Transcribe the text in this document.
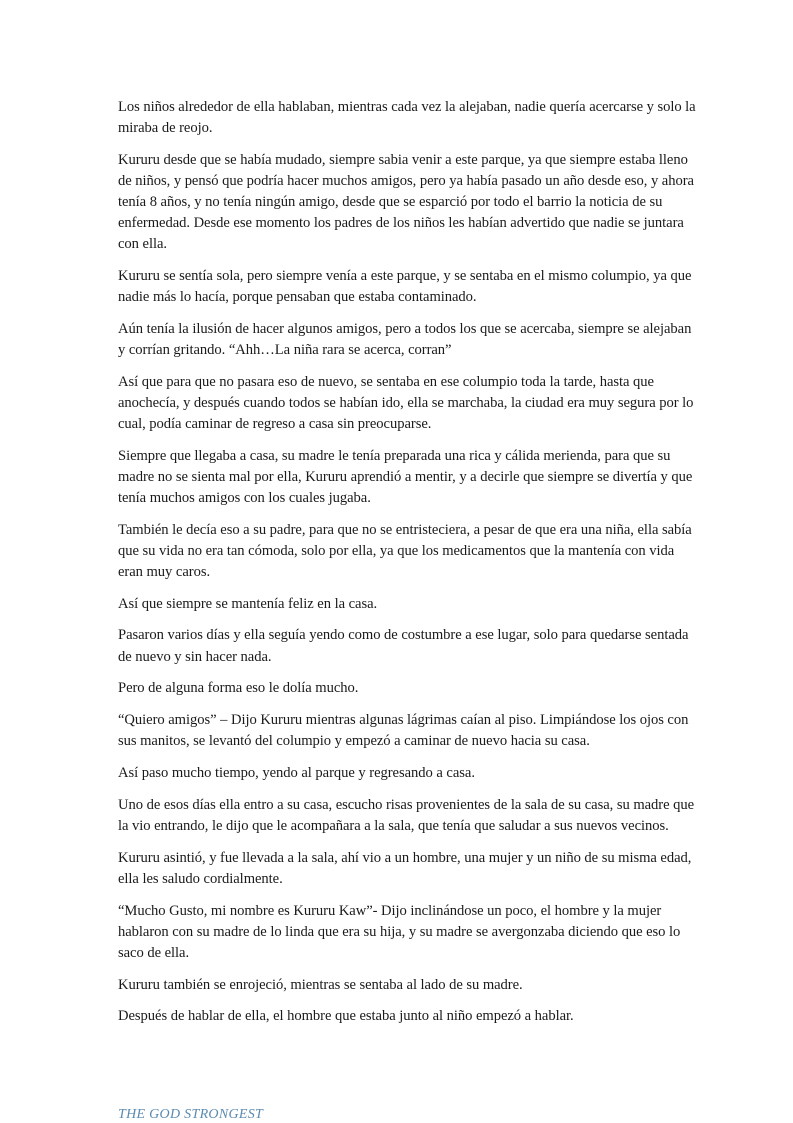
Los niños alrededor de ella hablaban, mientras cada vez la alejaban, nadie quería acercarse y solo la miraba de reojo.

Kururu desde que se había mudado, siempre sabia venir a este parque, ya que siempre estaba lleno de niños, y pensó que podría hacer muchos amigos, pero ya había pasado un año desde eso, y ahora tenía 8 años, y no tenía ningún amigo, desde que se esparció por todo el barrio la noticia de su enfermedad. Desde ese momento los padres de los niños les habían advertido que nadie se juntara con ella.

Kururu se sentía sola, pero siempre venía a este parque, y se sentaba en el mismo columpio, ya que nadie más lo hacía, porque pensaban que estaba contaminado.

Aún tenía la ilusión de hacer algunos amigos, pero a todos los que se acercaba, siempre se alejaban y corrían gritando. “Ahh…La niña rara se acerca, corran”

Así que para que no pasara eso de nuevo, se sentaba en ese columpio toda la tarde, hasta que anochecía, y después cuando todos se habían ido, ella se marchaba, la ciudad era muy segura por lo cual, podía caminar de regreso a casa sin preocuparse.

Siempre que llegaba a casa, su madre le tenía preparada una rica y cálida merienda, para que su madre no se sienta mal por ella, Kururu aprendió a mentir, y a decirle que siempre se divertía y que tenía muchos amigos con los cuales jugaba.

También le decía eso a su padre, para que no se entristeciera, a pesar de que era una niña, ella sabía que su vida no era tan cómoda, solo por ella, ya que los medicamentos que la mantenía con vida eran muy caros.

Así que siempre se mantenía feliz en la casa.

Pasaron varios días y ella seguía yendo como de costumbre a ese lugar, solo para quedarse sentada de nuevo y sin hacer nada.

Pero de alguna forma eso le dolía mucho.

“Quiero amigos” – Dijo Kururu mientras algunas lágrimas caían al piso. Limpiándose los ojos con sus manitos, se levantó del columpio y empezó a caminar de nuevo hacia su casa.

Así paso mucho tiempo, yendo al parque y regresando a casa.

Uno de esos días ella entro a su casa, escucho risas provenientes de la sala de su casa, su madre que la vio entrando, le dijo que le acompañara a la sala, que tenía que saludar a sus nuevos vecinos.

Kururu asintió, y fue llevada a la sala, ahí vio a un hombre, una mujer y un niño de su misma edad, ella les saludo cordialmente.

“Mucho Gusto, mi nombre es Kururu Kaw”- Dijo inclinándose un poco, el hombre y la mujer hablaron con su madre de lo linda que era su hija, y su madre se avergonzaba diciendo que eso lo saco de ella.

Kururu también se enrojeció, mientras se sentaba al lado de su madre.

Después de hablar de ella, el hombre que estaba junto al niño empezó a hablar.

THE GOD STRONGEST
